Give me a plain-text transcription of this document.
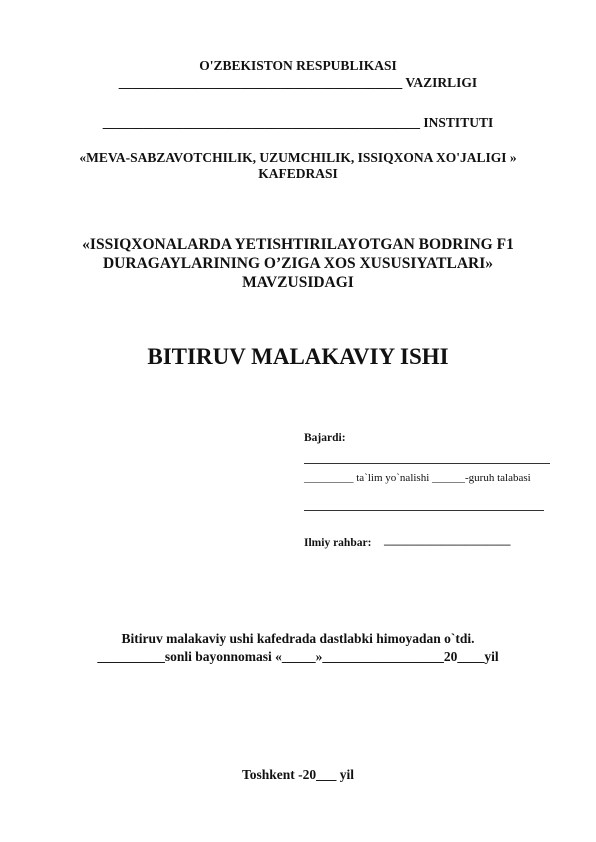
O'ZBEKISTON RESPUBLIKASI
__________________________________________ VAZIRLIGI
_______________________________________________ INSTITUTI
«MEVA-SABZAVOTCHILIK, UZUMCHILIK, ISSIQXONA XO'JALIGI »
KAFEDRASI
«ISSIQXONALARDA YETISHTIRILAYOTGAN BODRING F1
DURAGAYLARINING O’ZIGA XOS XUSUSIYATLARI»
MAVZUSIDAGI
BITIRUV MALAKAVIY ISHI
Bajardi:
_________ ta`lim yo`nalishi ______-guruh talabasi
Ilmiy rahbar: ______________________
Bitiruv malakaviy ushi kafedrada dastlabki himoyadan o`tdi.
__________sonli bayonnomasi «_____»__________________20____yil
Toshkent -20___ yil
